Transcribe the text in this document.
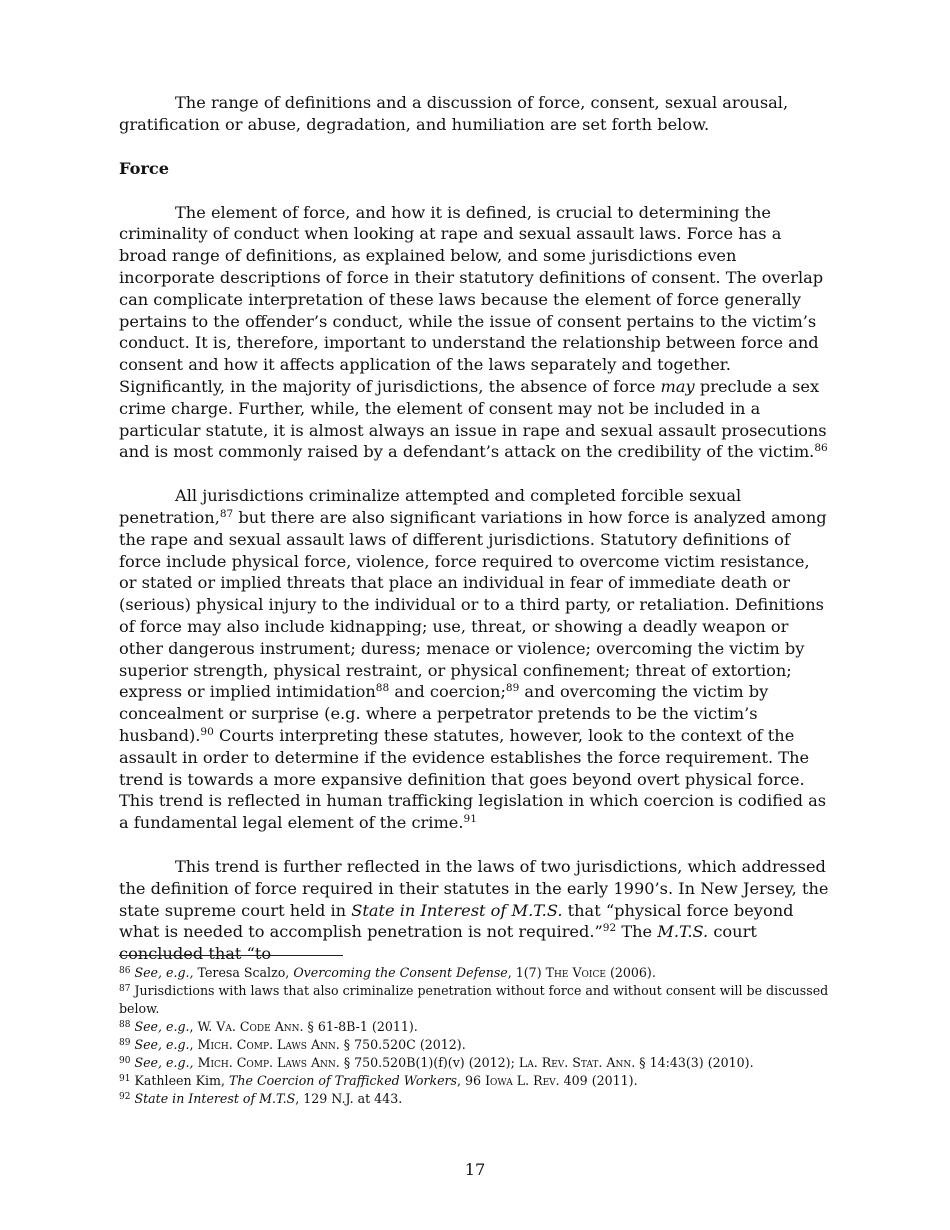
The range of definitions and a discussion of force, consent, sexual arousal, gratification or abuse, degradation, and humiliation are set forth below.

Force

The element of force, and how it is defined, is crucial to determining the criminality of conduct when looking at rape and sexual assault laws. Force has a broad range of definitions, as explained below, and some jurisdictions even incorporate descriptions of force in their statutory definitions of consent. The overlap can complicate interpretation of these laws because the element of force generally pertains to the offender’s conduct, while the issue of consent pertains to the victim’s conduct. It is, therefore, important to understand the relationship between force and consent and how it affects application of the laws separately and together. Significantly, in the majority of jurisdictions, the absence of force may preclude a sex crime charge. Further, while, the element of consent may not be included in a particular statute, it is almost always an issue in rape and sexual assault prosecutions and is most commonly raised by a defendant’s attack on the credibility of the victim.$^{86}$

All jurisdictions criminalize attempted and completed forcible sexual penetration,$^{87}$ but there are also significant variations in how force is analyzed among the rape and sexual assault laws of different jurisdictions. Statutory definitions of force include physical force, violence, force required to overcome victim resistance, or stated or implied threats that place an individual in fear of immediate death or (serious) physical injury to the individual or to a third party, or retaliation. Definitions of force may also include kidnapping; use, threat, or showing a deadly weapon or other dangerous instrument; duress; menace or violence; overcoming the victim by superior strength, physical restraint, or physical confinement; threat of extortion; express or implied intimidation$^{88}$ and coercion;$^{89}$ and overcoming the victim by concealment or surprise (e.g. where a perpetrator pretends to be the victim’s husband).$^{90}$ Courts interpreting these statutes, however, look to the context of the assault in order to determine if the evidence establishes the force requirement. The trend is towards a more expansive definition that goes beyond overt physical force. This trend is reflected in human trafficking legislation in which coercion is codified as a fundamental legal element of the crime.$^{91}$

This trend is further reflected in the laws of two jurisdictions, which addressed the definition of force required in their statutes in the early 1990’s. In New Jersey, the state supreme court held in State in Interest of M.T.S. that “physical force beyond what is needed to accomplish penetration is not required.”$^{92}$ The M.T.S. court concluded that “to

$^{86}$ See, e.g., Teresa Scalzo, Overcoming the Consent Defense, 1(7) The Voice (2006).

$^{87}$ Jurisdictions with laws that also criminalize penetration without force and without consent will be discussed below.

$^{88}$ See, e.g., W. Va. Code Ann. § 61-8B-1 (2011).

$^{89}$ See, e.g., Mich. Comp. Laws Ann. § 750.520C (2012).

$^{90}$ See, e.g., Mich. Comp. Laws Ann. § 750.520B(1)(f)(v) (2012); La. Rev. Stat. Ann. § 14:43(3) (2010).

$^{91}$ Kathleen Kim, The Coercion of Trafficked Workers, 96 Iowa L. Rev. 409 (2011).

$^{92}$ State in Interest of M.T.S, 129 N.J. at 443.

17
